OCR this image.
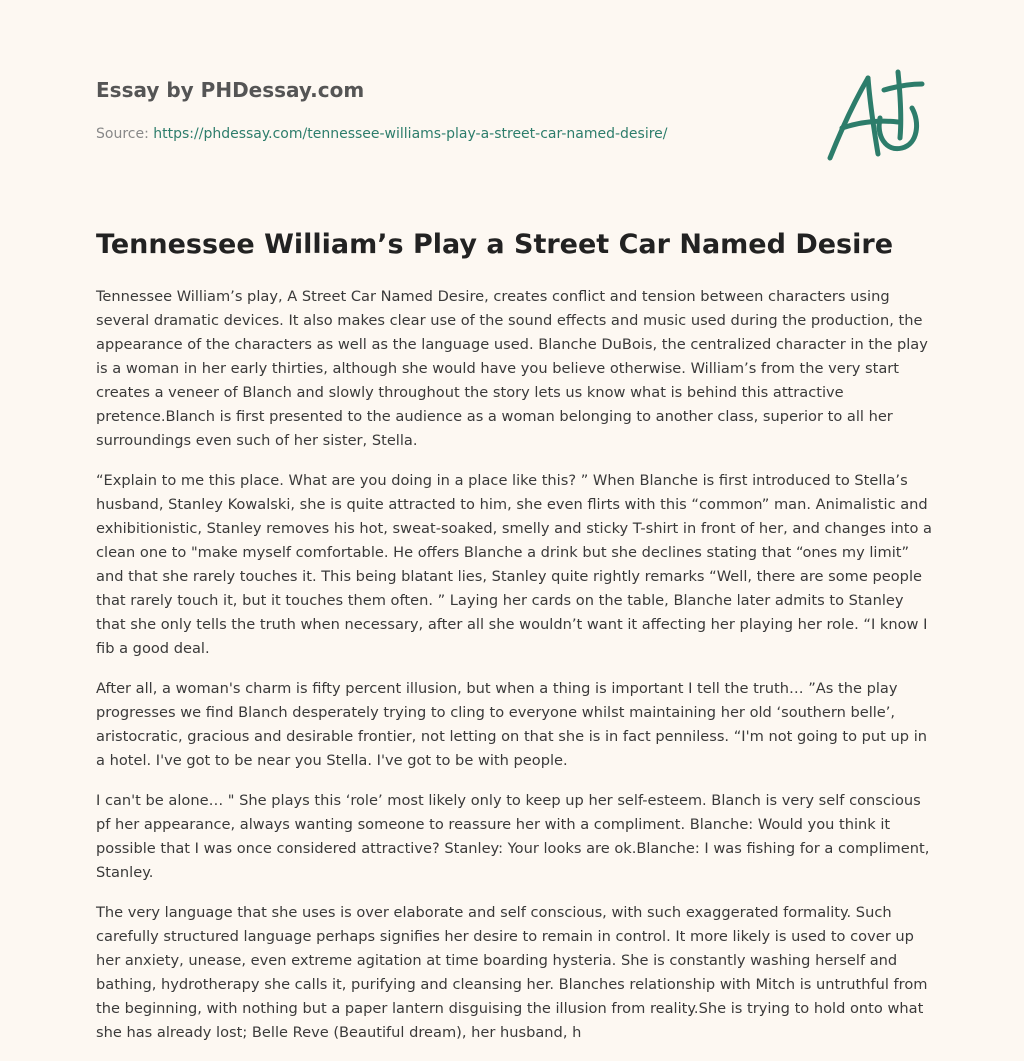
Essay by PHDessay.com
Source: https://phdessay.com/tennessee-williams-play-a-street-car-named-desire/
Tennessee William’s Play a Street Car Named Desire

Tennessee William’s play, A Street Car Named Desire, creates conflict and tension between characters using several dramatic devices. It also makes clear use of the sound effects and music used during the production, the appearance of the characters as well as the language used. Blanche DuBois, the centralized character in the play is a woman in her early thirties, although she would have you believe otherwise. William’s from the very start creates a veneer of Blanch and slowly throughout the story lets us know what is behind this attractive pretence.Blanch is first presented to the audience as a woman belonging to another class, superior to all her surroundings even such of her sister, Stella.

“Explain to me this place. What are you doing in a place like this? ” When Blanche is first introduced to Stella’s husband, Stanley Kowalski, she is quite attracted to him, she even flirts with this “common” man. Animalistic and exhibitionistic, Stanley removes his hot, sweat-soaked, smelly and sticky T-shirt in front of her, and changes into a clean one to "make myself comfortable. He offers Blanche a drink but she declines stating that “ones my limit” and that she rarely touches it. This being blatant lies, Stanley quite rightly remarks “Well, there are some people that rarely touch it, but it touches them often. ” Laying her cards on the table, Blanche later admits to Stanley that she only tells the truth when necessary, after all she wouldn’t want it affecting her playing her role. “I know I fib a good deal.

After all, a woman's charm is fifty percent illusion, but when a thing is important I tell the truth… ”As the play progresses we find Blanch desperately trying to cling to everyone whilst maintaining her old ‘southern belle’, aristocratic, gracious and desirable frontier, not letting on that she is in fact penniless. “I'm not going to put up in a hotel. I've got to be near you Stella. I've got to be with people.

I can't be alone… " She plays this ‘role’ most likely only to keep up her self-esteem. Blanch is very self conscious pf her appearance, always wanting someone to reassure her with a compliment. Blanche: Would you think it possible that I was once considered attractive? Stanley: Your looks are ok.Blanche: I was fishing for a compliment, Stanley.

The very language that she uses is over elaborate and self conscious, with such exaggerated formality. Such carefully structured language perhaps signifies her desire to remain in control. It more likely is used to cover up her anxiety, unease, even extreme agitation at time boarding hysteria. She is constantly washing herself and bathing, hydrotherapy she calls it, purifying and cleansing her. Blanches relationship with Mitch is untruthful from the beginning, with nothing but a paper lantern disguising the illusion from reality.She is trying to hold onto what she has already lost; Belle Reve (Beautiful dream), her husband, h
